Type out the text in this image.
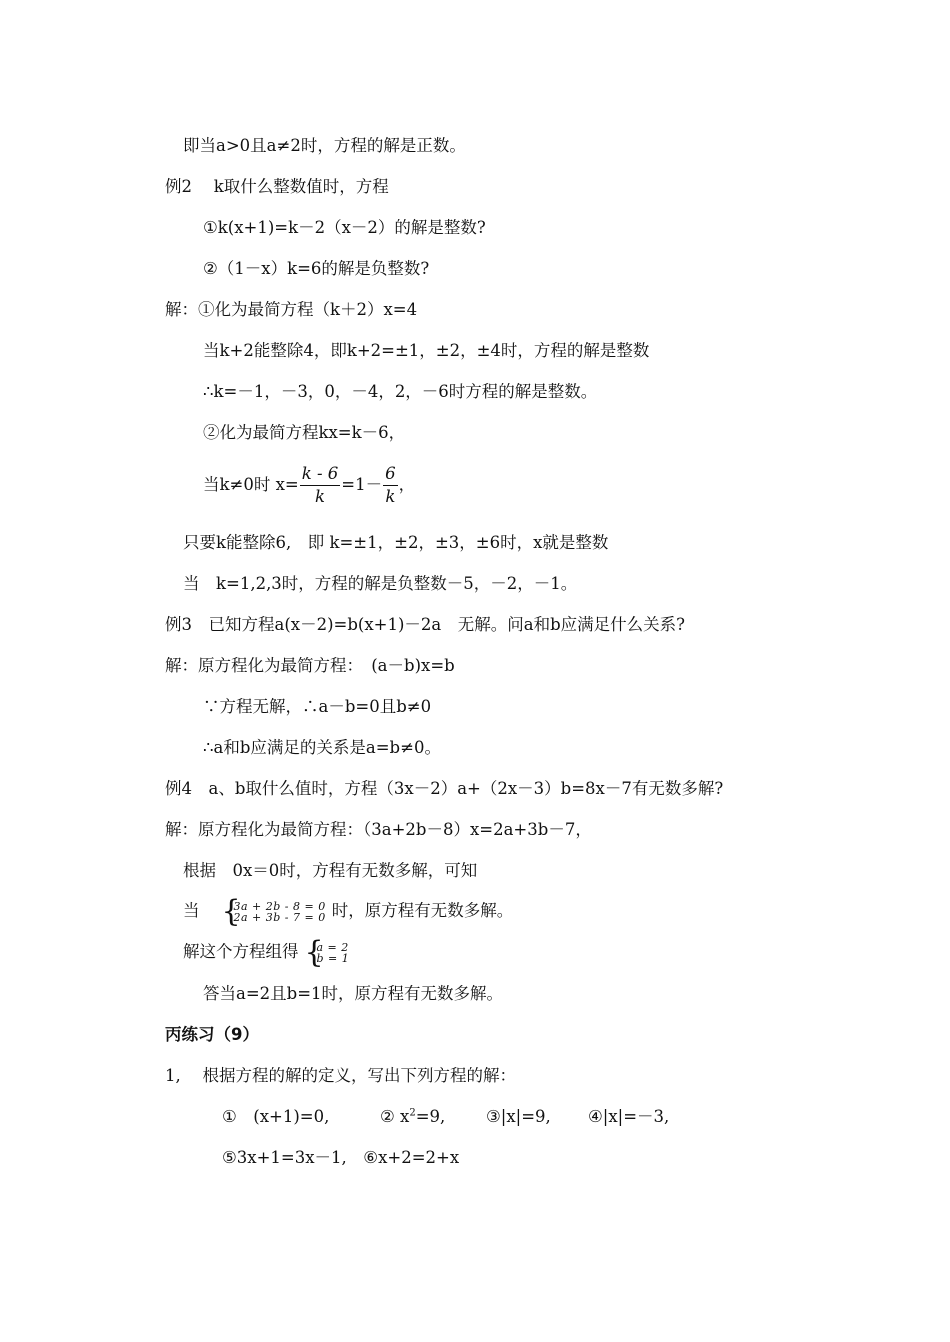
即当a>0且a≠2时，方程的解是正数。
例2　 k取什么整数值时，方程
①k(x+1)=k－2（x－2）的解是整数?
②（1－x）k=6的解是负整数?
解：①化为最简方程（k＋2）x=4
当k+2能整除4，即k+2=±1，±2，±4时，方程的解是整数
∴k=－1，－3，0，－4，2，－6时方程的解是整数。
②化为最简方程kx=k－6，
当k≠0时 $x= \frac{k - 6}{k} =1- \frac{6}{k}$ ，
只要k能整除6,　即 k=±1，±2，±3，±6时，x就是整数
当　k=1,2,3时，方程的解是负整数－5，－2，－1。
例3　已知方程a(x－2)=b(x+1)－2a　无解。问a和b应满足什么关系?
解：原方程化为最简方程：　(a－b)x=b
∵方程无解，∴a－b=0且b≠0
∴a和b应满足的关系是a=b≠0。
例4　a、b取什么值时，方程（3x－2）a+（2x－3）b=8x－7有无数多解?
解：原方程化为最简方程：（3a+2b－8）x=2a+3b－7，
根据　0x＝0时，方程有无数多解，可知
当 {
3a + 2b - 8 = 0
2a + 3b - 7 = 0 时，原方程有无数多解。
解这个方程组得 {
a = 2
b = 1
答当a=2且b=1时，原方程有无数多解。
丙练习（9）
1,　 根据方程的解的定义，写出下列方程的解：
①　(x+1)=0,	② $x^2=9$, ③|x|=9, ④|x|=－3,
⑤3x+1=3x－1,　⑥x+2=2+x
